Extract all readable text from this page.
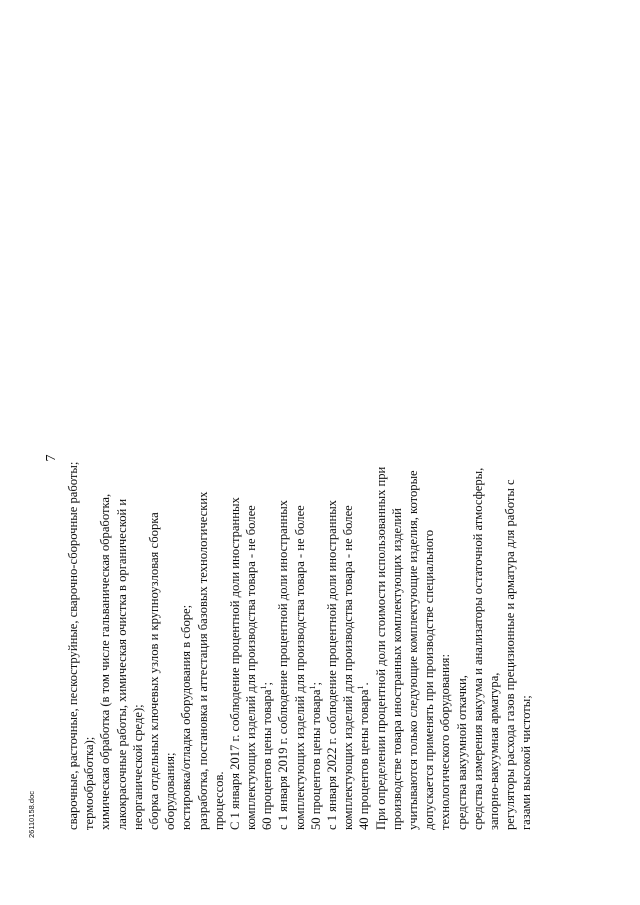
7
сварочные, расточные, пескоструйные, сварочно-сборочные работы; термообработка); химическая обработка (в том числе гальваническая обработка, лакокрасочные работы, химическая очистка в органической и неорганической среде); сборка отдельных ключевых узлов и крупноузловая сборка оборудования; юстировка/отладка оборудования в сборе; разработка, постановка и аттестация базовых технологических процессов. С 1 января 2017 г. соблюдение процентной доли иностранных комплектующих изделий для производства товара - не более 60 процентов цены товара$^1$; с 1 января 2019 г. соблюдение процентной доли иностранных комплектующих изделий для производства товара - не более 50 процентов цены товара$^1$; с 1 января 2022 г. соблюдение процентной доли иностранных комплектующих изделий для производства товара - не более 40 процентов цены товара$^1$. При определении процентной доли стоимости использованных при производстве товара иностранных комплектующих изделий учитываются только следующие комплектующие изделия, которые допускается применять при производстве специального технологического оборудования: средства вакуумной откачки, средства измерения вакуума и анализаторы остаточной атмосферы, запорно-вакуумная арматура, регуляторы расхода газов прецизионные и арматура для работы с газами высокой чистоты;
26110158.doc
